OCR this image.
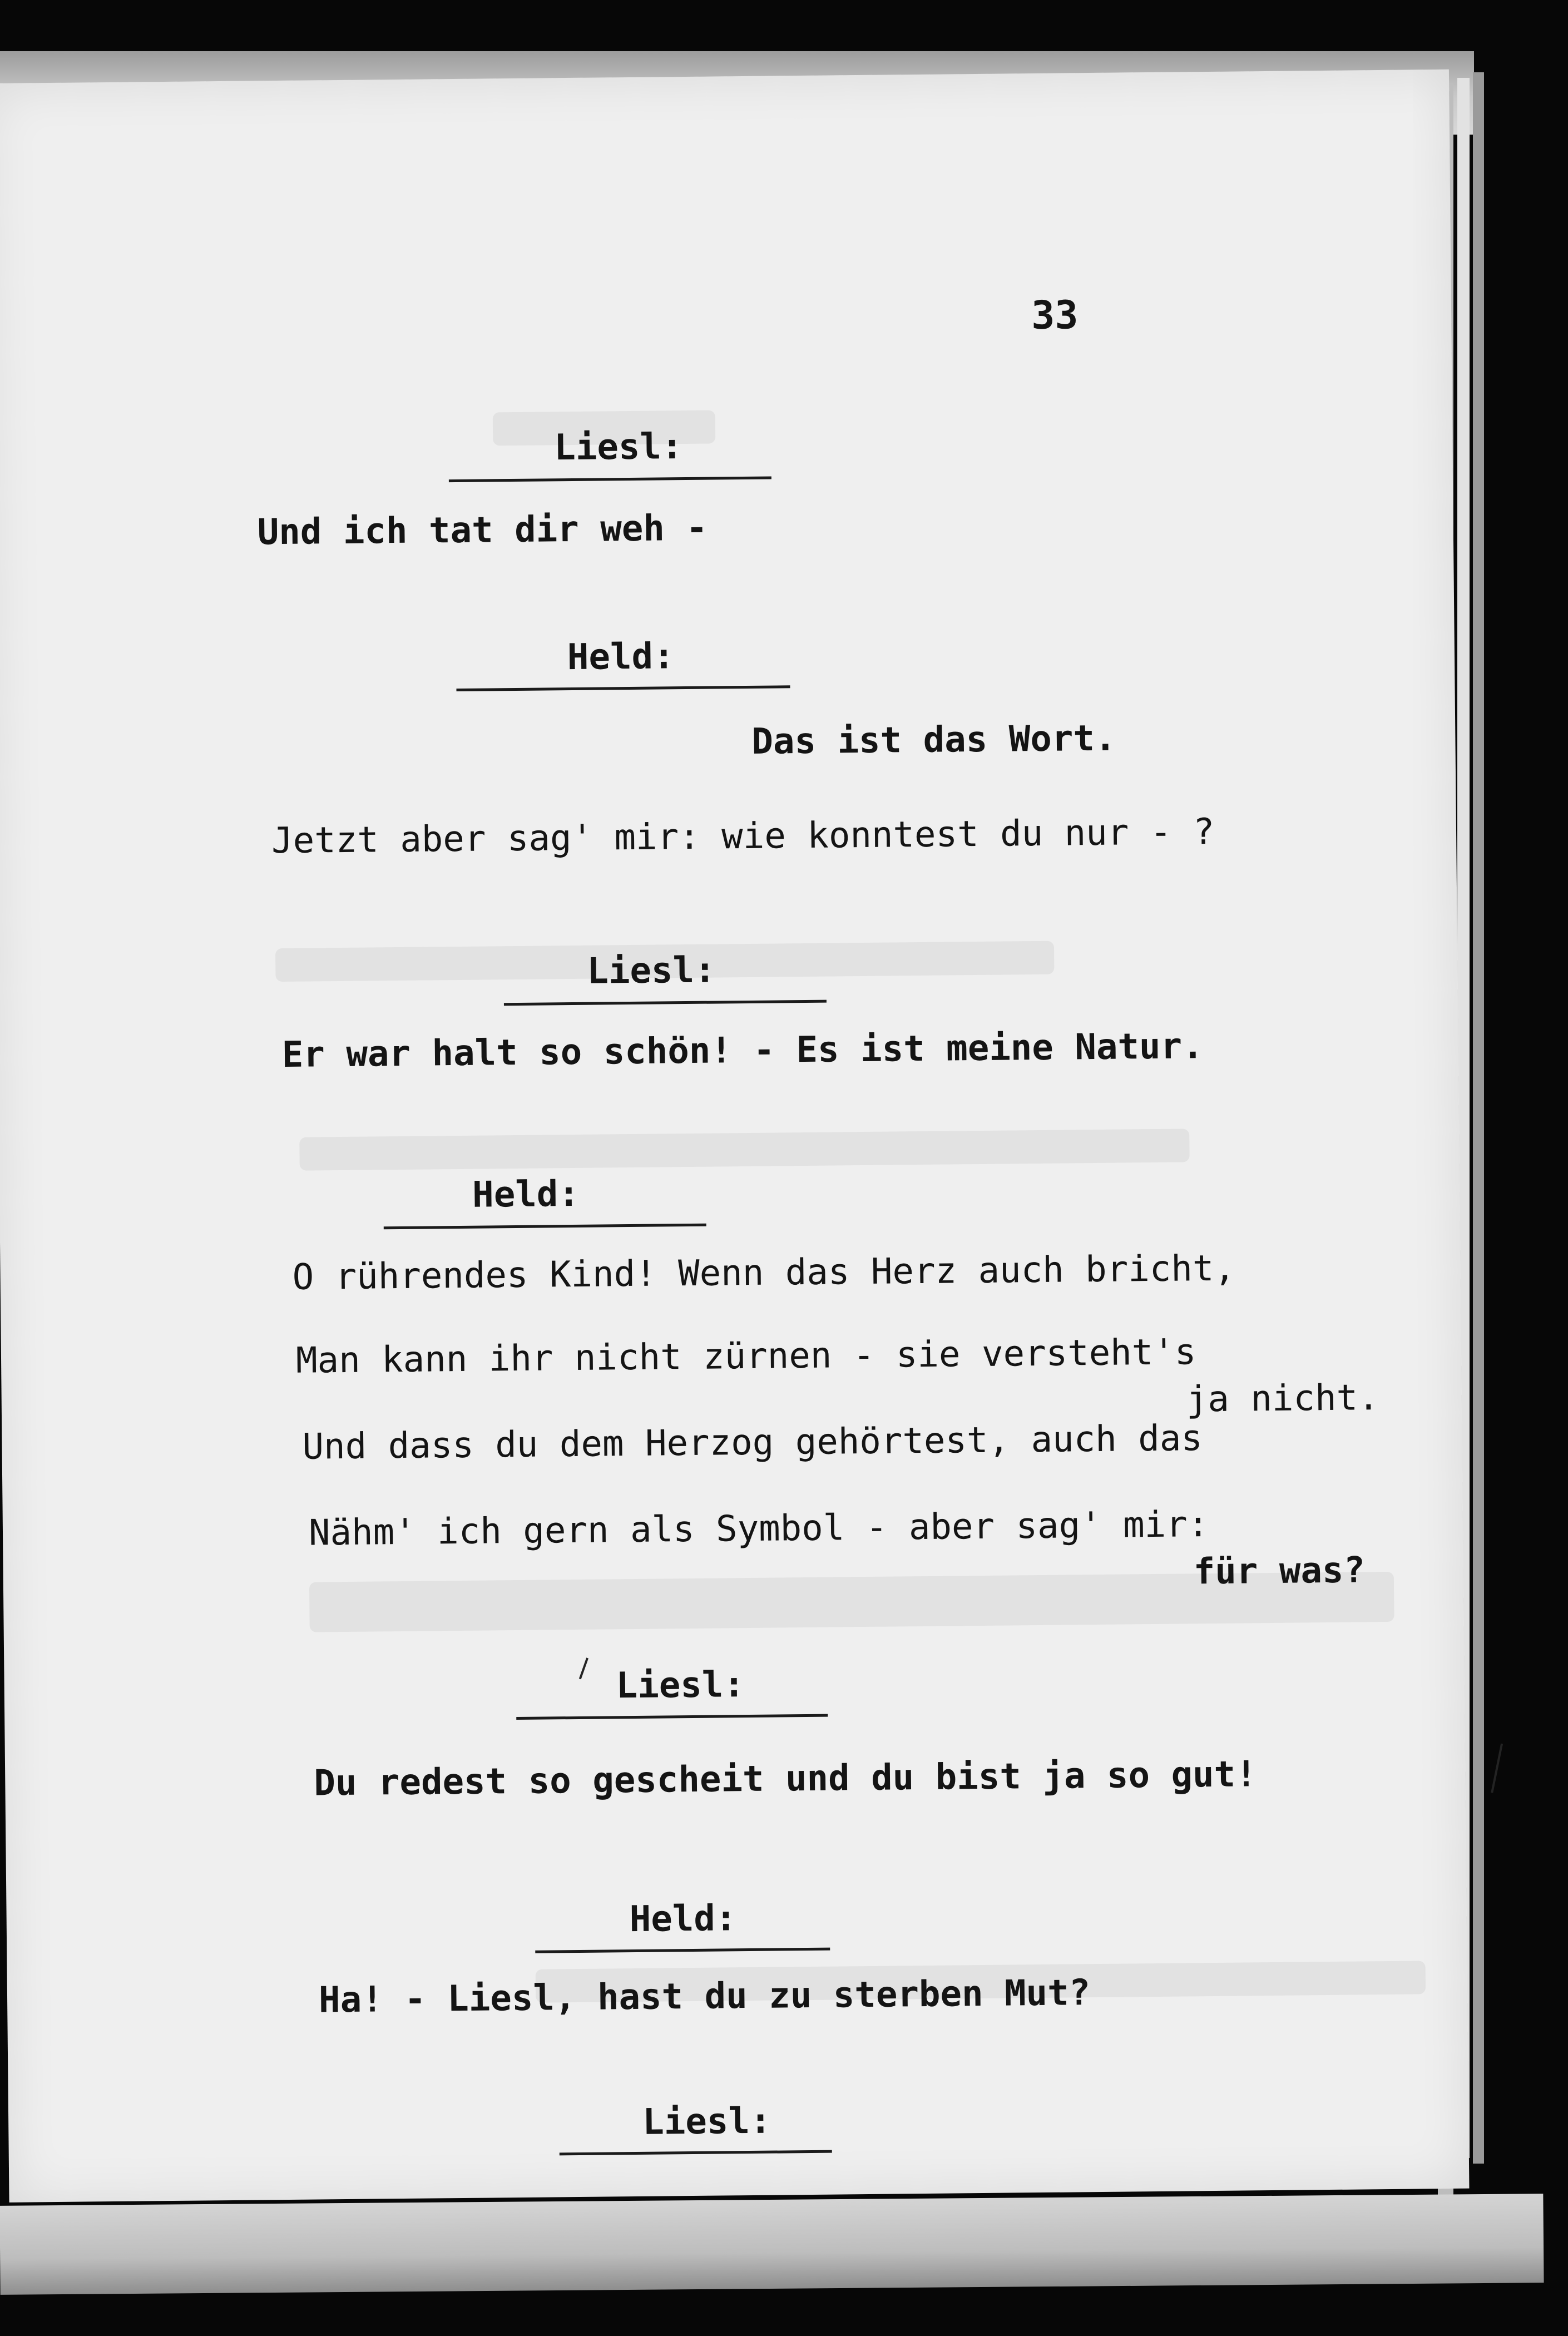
33
Liesl:
Und ich tat dir weh -
Held:
Das ist das Wort.
Jetzt aber sag' mir: wie konntest du nur - ?
Liesl:
Er war halt so schön! - Es ist meine Natur.
Held:
O rührendes Kind! Wenn das Herz auch bricht,
Man kann ihr nicht zürnen - sie versteht's
ja nicht.
Und dass du dem Herzog gehörtest, auch das
Nähm' ich gern als Symbol - aber sag' mir:
für was?
Liesl:
Du redest so gescheit und du bist ja so gut!
Held:
Ha! - Liesl, hast du zu sterben Mut?
Liesl:
